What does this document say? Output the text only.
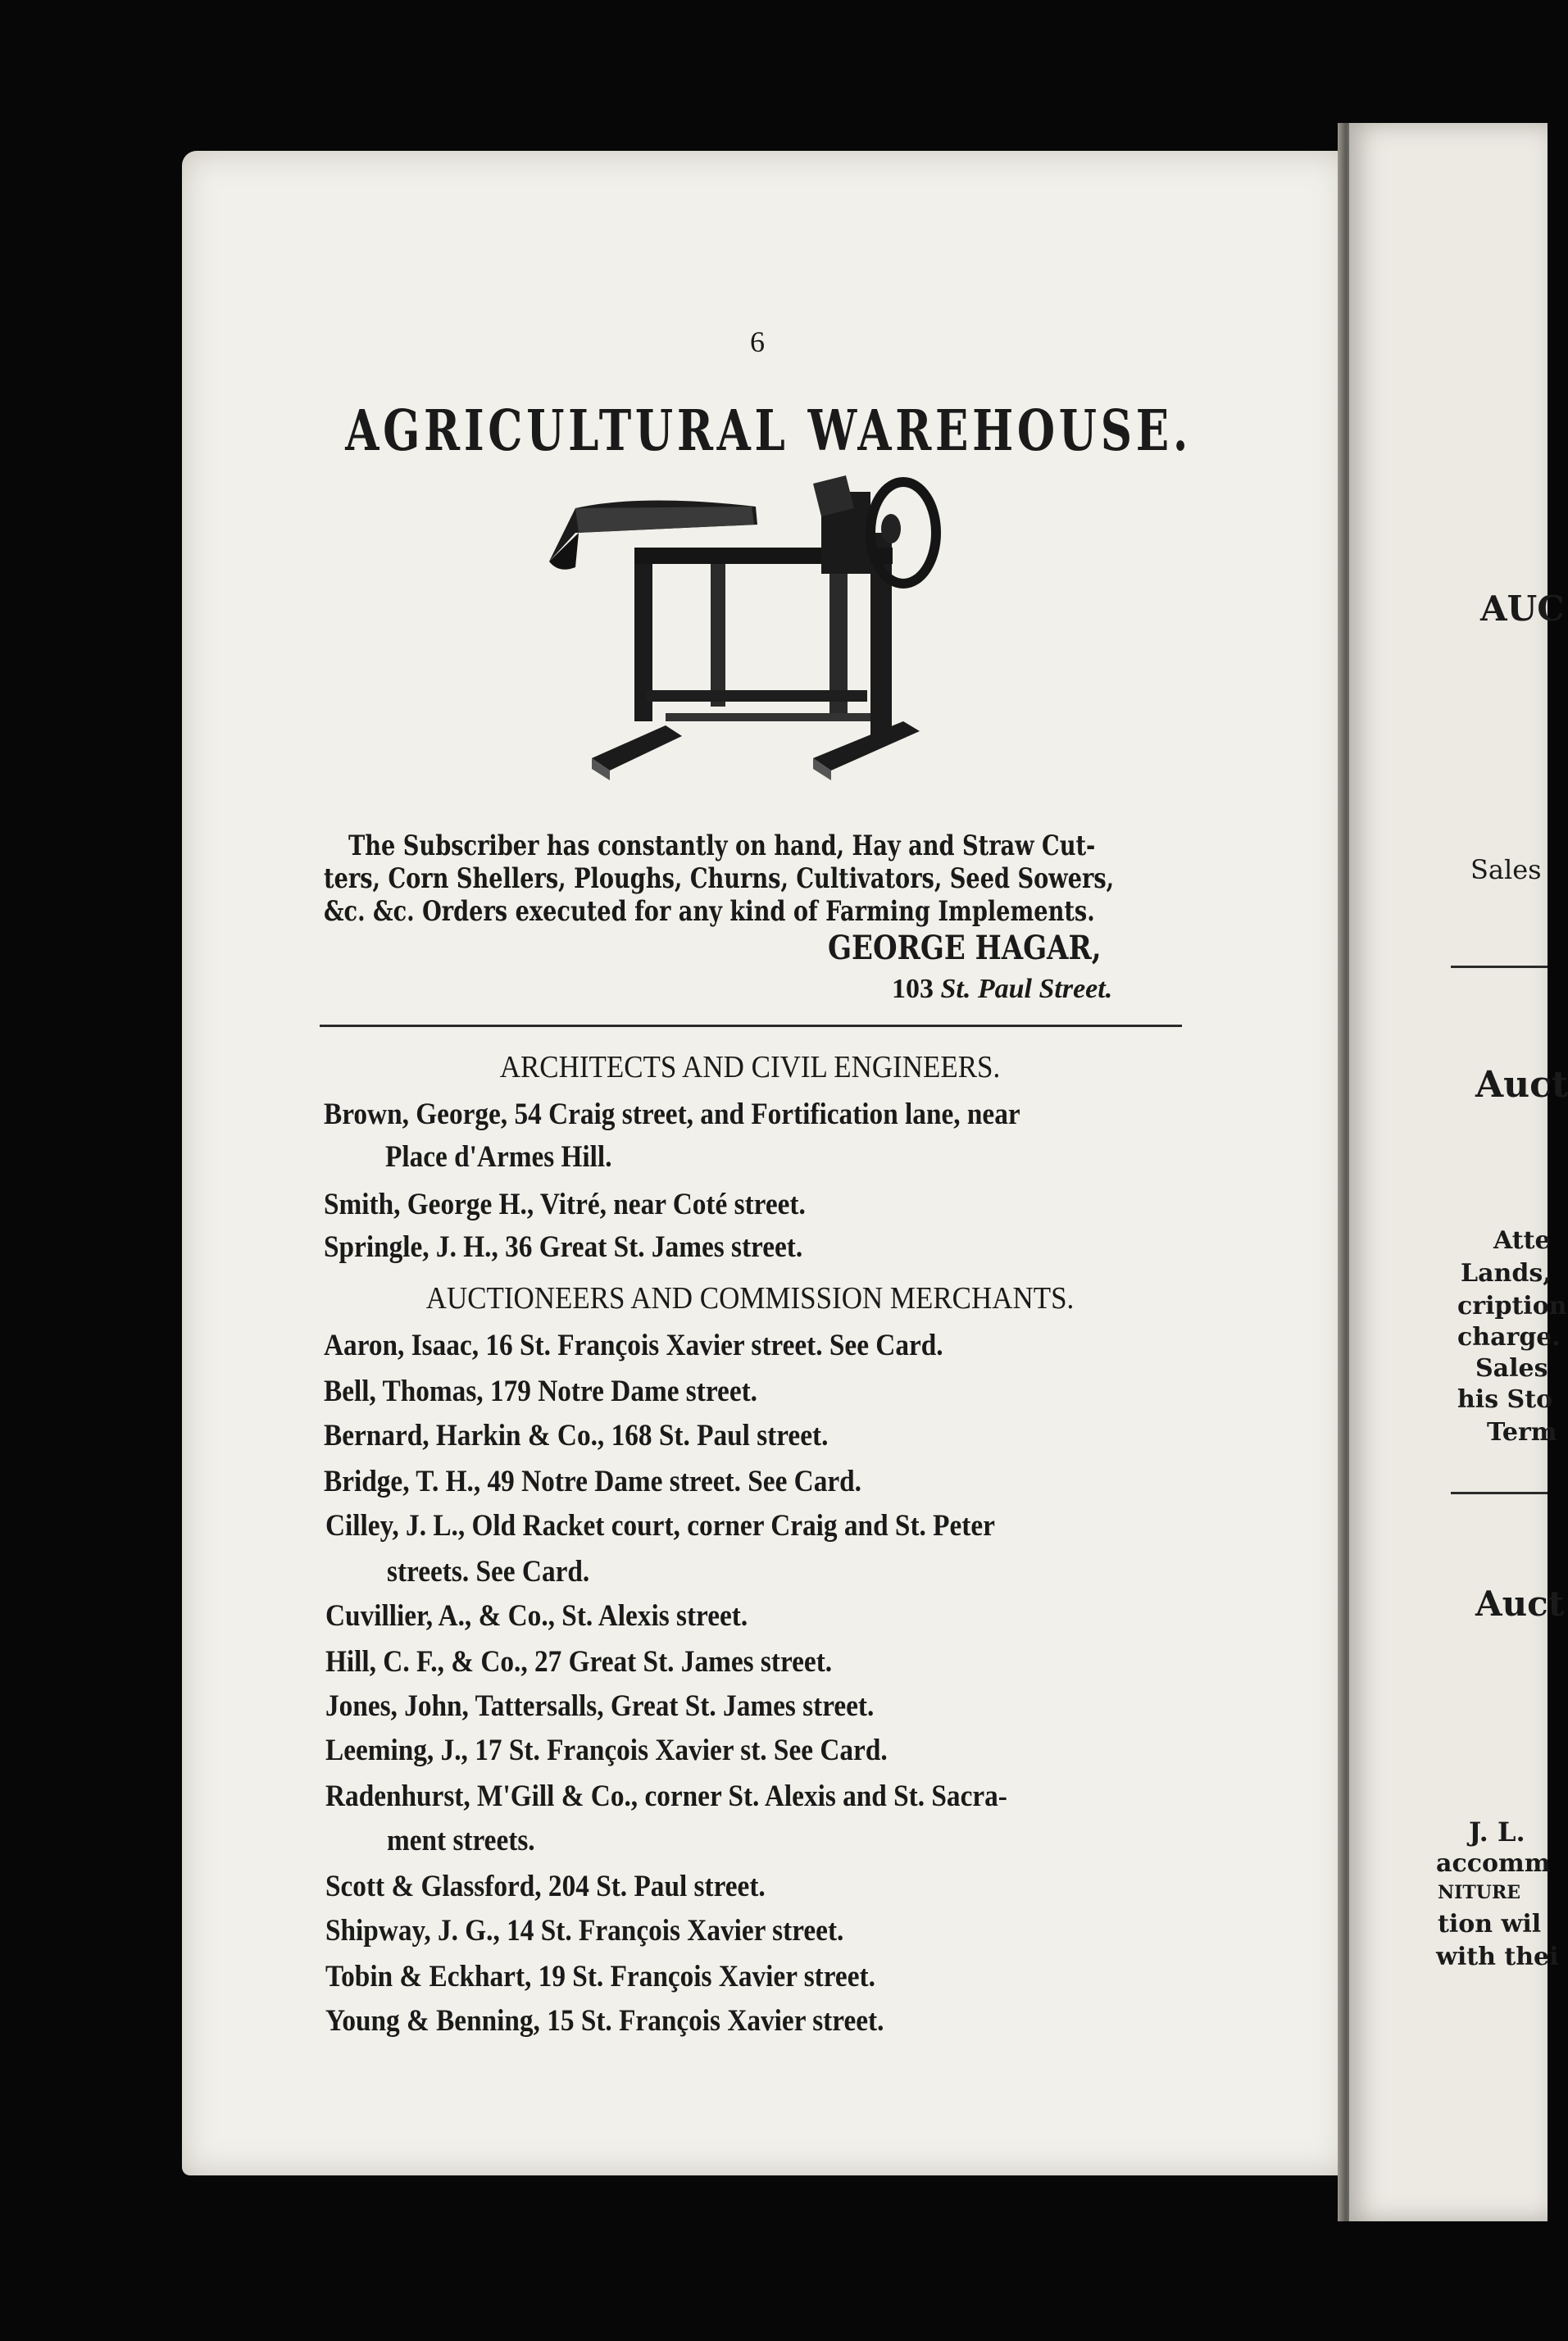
6

AGRICULTURAL WAREHOUSE.

The Subscriber has constantly on hand, Hay and Straw Cut-

ters, Corn Shellers, Ploughs, Churns, Cultivators, Seed Sowers,

&c. &c. Orders executed for any kind of Farming Implements.

GEORGE HAGAR,

103 St. Paul Street.

ARCHITECTS AND CIVIL ENGINEERS.

AUCTIONEERS AND COMMISSION MERCHANTS.

Brown, George, 54 Craig street, and Fortification lane, near

Place d'Armes Hill.

Smith, George H., Vitré, near Coté street.

Springle, J. H., 36 Great St. James street.

Aaron, Isaac, 16 St. François Xavier street. See Card.

Bell, Thomas, 179 Notre Dame street.

Bernard, Harkin & Co., 168 St. Paul street.

Bridge, T. H., 49 Notre Dame street. See Card.

Cilley, J. L., Old Racket court, corner Craig and St. Peter

streets. See Card.

Cuvillier, A., & Co., St. Alexis street.

Hill, C. F., & Co., 27 Great St. James street.

Jones, John, Tattersalls, Great St. James street.

Leeming, J., 17 St. François Xavier st. See Card.

Radenhurst, M'Gill & Co., corner St. Alexis and St. Sacra-

ment streets.

Scott & Glassford, 204 St. Paul street.

Shipway, J. G., 14 St. François Xavier street.

Tobin & Eckhart, 19 St. François Xavier street.

Young & Benning, 15 St. François Xavier street.

AUC

Sales

Auct

Atte

Lands,

cription

charge.

Sales

his Sto

Term

Auct

J. L.

accomm

NITURE

tion wil

with thei
